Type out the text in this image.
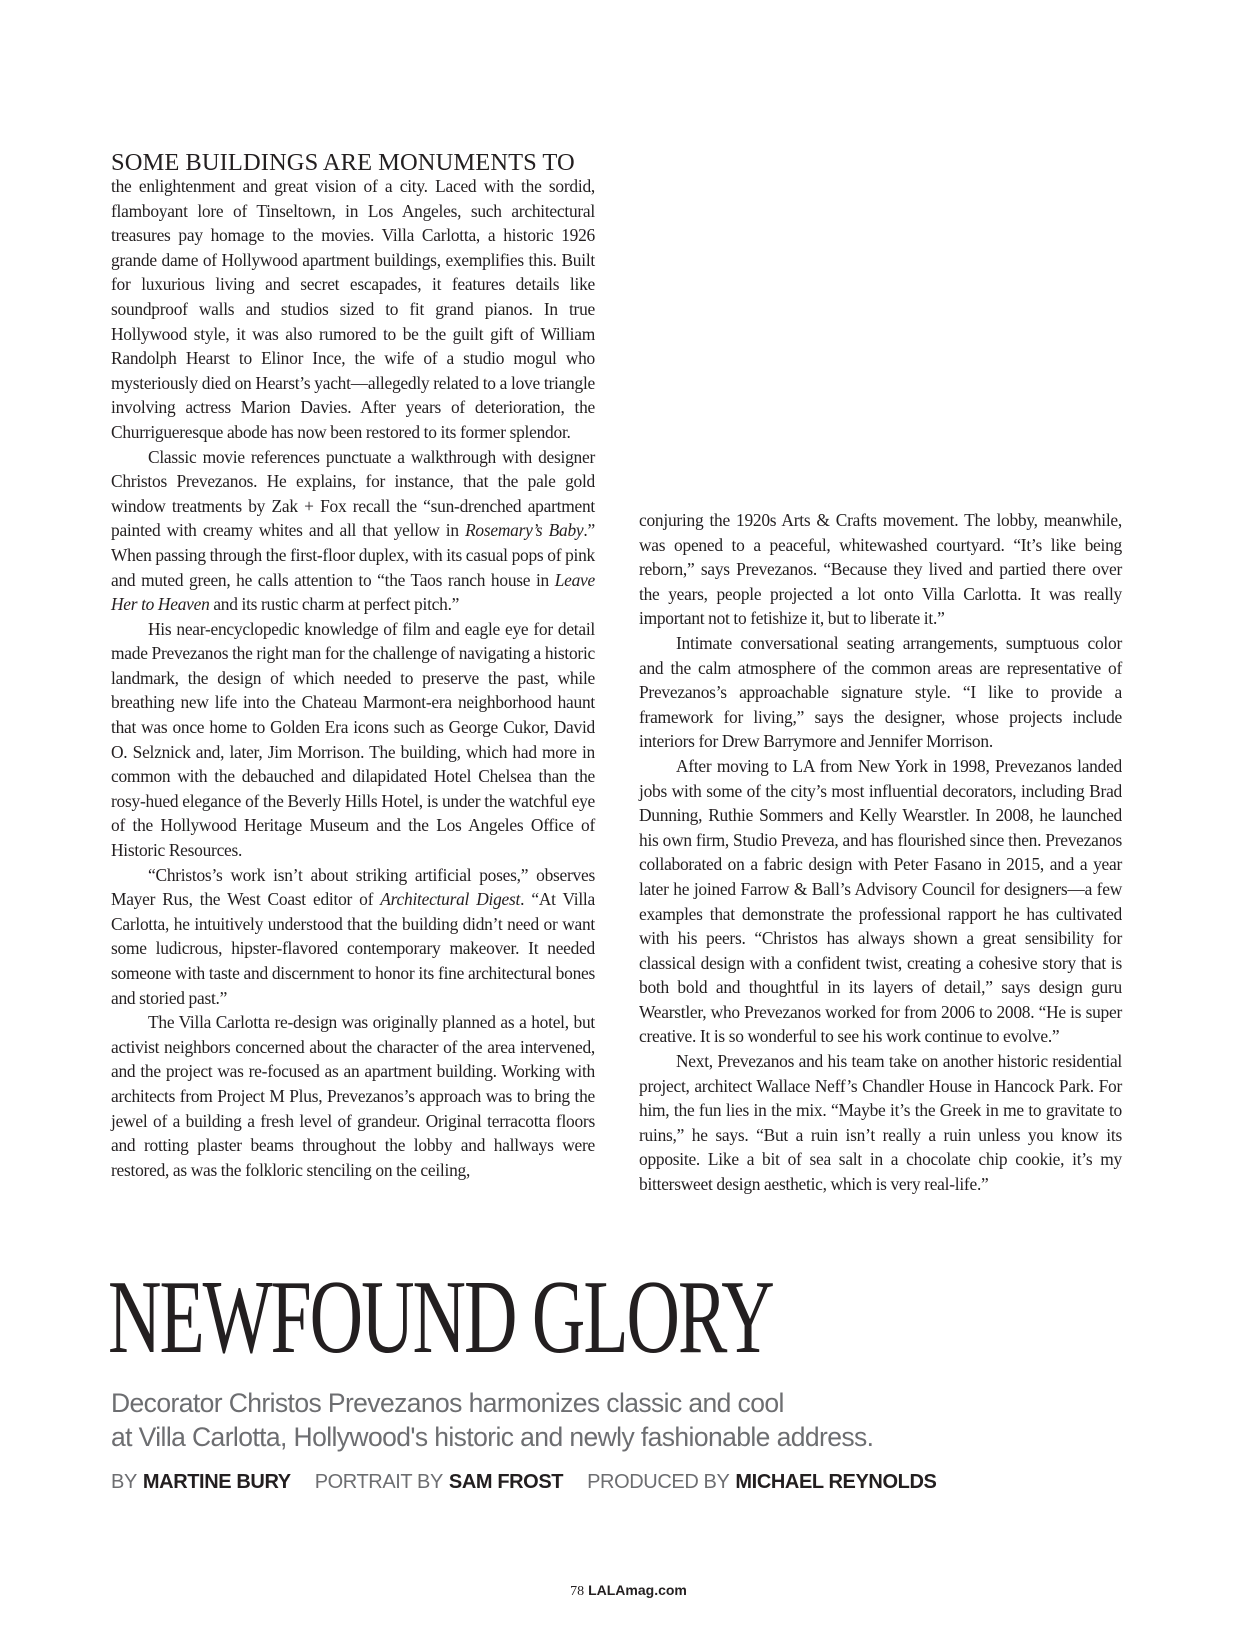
SOME BUILDINGS ARE MONUMENTS TO
the enlightenment and great vision of a city. Laced with the sordid, flamboyant lore of Tinseltown, in Los Angeles, such architectural treasures pay homage to the movies. Villa Carlotta, a historic 1926 grande dame of Hollywood apartment buildings, exemplifies this. Built for luxurious living and secret escapades, it features details like soundproof walls and studios sized to fit grand pianos. In true Hollywood style, it was also rumored to be the guilt gift of William Randolph Hearst to Elinor Ince, the wife of a studio mogul who mysteriously died on Hearst’s yacht—allegedly related to a love triangle involving actress Marion Davies. After years of deterioration, the Churrigueresque abode has now been restored to its former splendor.

Classic movie references punctuate a walkthrough with designer Christos Prevezanos. He explains, for instance, that the pale gold window treatments by Zak + Fox recall the “sun-drenched apartment painted with creamy whites and all that yellow in Rosemary’s Baby.” When passing through the first-floor duplex, with its casual pops of pink and muted green, he calls attention to “the Taos ranch house in Leave Her to Heaven and its rustic charm at perfect pitch.”

His near-encyclopedic knowledge of film and eagle eye for detail made Prevezanos the right man for the challenge of navigating a historic landmark, the design of which needed to preserve the past, while breathing new life into the Chateau Marmont-era neighborhood haunt that was once home to Golden Era icons such as George Cukor, David O. Selznick and, later, Jim Morrison. The building, which had more in common with the debauched and dilapidated Hotel Chelsea than the rosy-hued elegance of the Beverly Hills Hotel, is under the watchful eye of the Hollywood Heritage Museum and the Los Angeles Office of Historic Resources.

“Christos’s work isn’t about striking artificial poses,” observes Mayer Rus, the West Coast editor of Architectural Digest. “At Villa Carlotta, he intuitively understood that the building didn’t need or want some ludicrous, hipster-flavored contemporary makeover. It needed someone with taste and discernment to honor its fine architectural bones and storied past.”

The Villa Carlotta re-design was originally planned as a hotel, but activist neighbors concerned about the character of the area intervened, and the project was re-focused as an apartment building. Working with architects from Project M Plus, Prevezanos’s approach was to bring the jewel of a building a fresh level of grandeur. Original terracotta floors and rotting plaster beams throughout the lobby and hallways were restored, as was the folkloric stenciling on the ceiling,

conjuring the 1920s Arts & Crafts movement. The lobby, meanwhile, was opened to a peaceful, whitewashed courtyard. “It’s like being reborn,” says Prevezanos. “Because they lived and partied there over the years, people projected a lot onto Villa Carlotta. It was really important not to fetishize it, but to liberate it.”

Intimate conversational seating arrangements, sumptuous color and the calm atmosphere of the common areas are representative of Prevezanos’s approachable signature style. “I like to provide a framework for living,” says the designer, whose projects include interiors for Drew Barrymore and Jennifer Morrison.

After moving to LA from New York in 1998, Prevezanos landed jobs with some of the city’s most influential decorators, including Brad Dunning, Ruthie Sommers and Kelly Wearstler. In 2008, he launched his own firm, Studio Preveza, and has flourished since then. Prevezanos collaborated on a fabric design with Peter Fasano in 2015, and a year later he joined Farrow & Ball’s Advisory Council for designers—a few examples that demonstrate the professional rapport he has cultivated with his peers. “Christos has always shown a great sensibility for classical design with a confident twist, creating a cohesive story that is both bold and thoughtful in its layers of detail,” says design guru Wearstler, who Prevezanos worked for from 2006 to 2008. “He is super creative. It is so wonderful to see his work continue to evolve.”

Next, Prevezanos and his team take on another historic residential project, architect Wallace Neff’s Chandler House in Hancock Park. For him, the fun lies in the mix. “Maybe it’s the Greek in me to gravitate to ruins,” he says. “But a ruin isn’t really a ruin unless you know its opposite. Like a bit of sea salt in a chocolate chip cookie, it’s my bittersweet design aesthetic, which is very real-life.”

NEWFOUND GLORY
Decorator Christos Prevezanos harmonizes classic and cool
at Villa Carlotta, Hollywood's historic and newly fashionable address.
BY MARTINE BURY PORTRAIT BY SAM FROST PRODUCED BY MICHAEL REYNOLDS
78 LALAmag.com
